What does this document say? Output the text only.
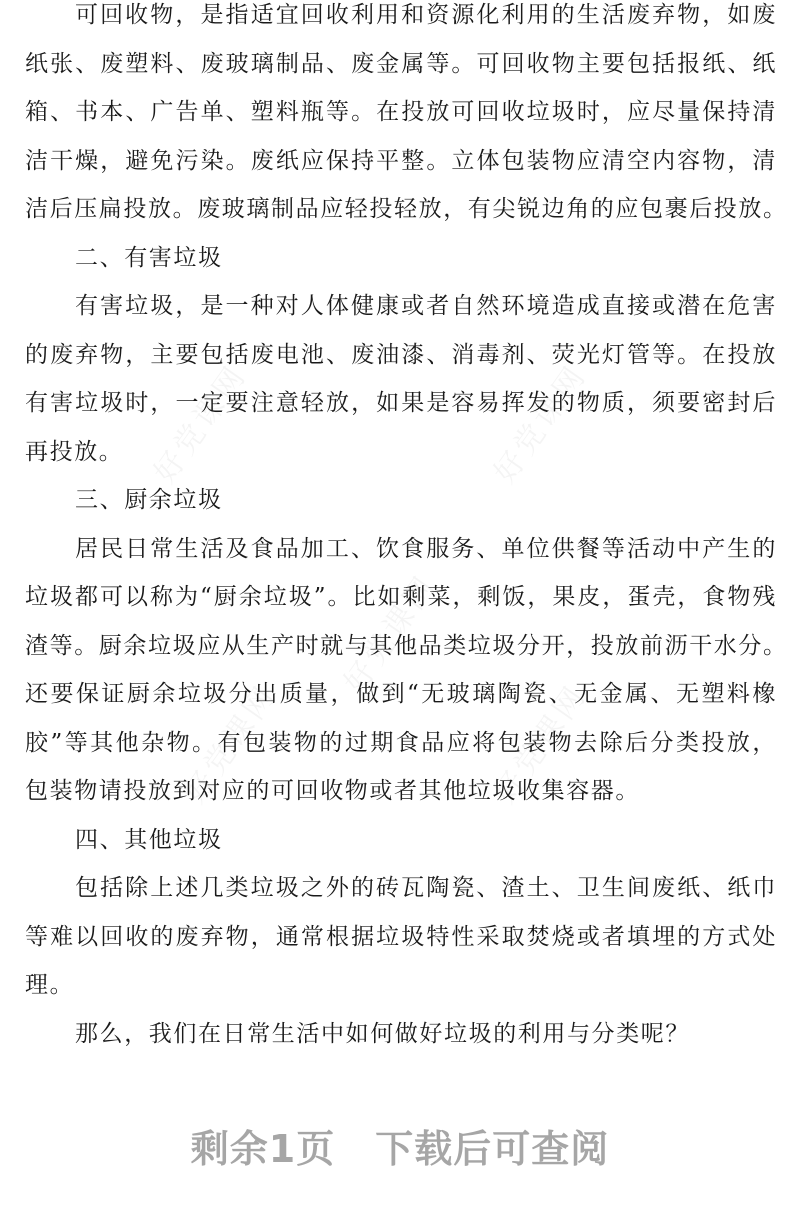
可回收物，是指适宜回收利用和资源化利用的生活废弃物，如废
纸张、废塑料、废玻璃制品、废金属等。可回收物主要包括报纸、纸
箱、书本、广告单、塑料瓶等。在投放可回收垃圾时，应尽量保持清
洁干燥，避免污染。废纸应保持平整。立体包装物应清空内容物，清
洁后压扁投放。废玻璃制品应轻投轻放，有尖锐边角的应包裹后投放。
二、有害垃圾
有害垃圾，是一种对人体健康或者自然环境造成直接或潜在危害
的废弃物，主要包括废电池、废油漆、消毒剂、荧光灯管等。在投放
有害垃圾时，一定要注意轻放，如果是容易挥发的物质，须要密封后
再投放。
三、厨余垃圾
居民日常生活及食品加工、饮食服务、单位供餐等活动中产生的
垃圾都可以称为“厨余垃圾”。比如剩菜，剩饭，果皮，蛋壳，食物残
渣等。厨余垃圾应从生产时就与其他品类垃圾分开，投放前沥干水分。
还要保证厨余垃圾分出质量，做到“无玻璃陶瓷、无金属、无塑料橡
胶”等其他杂物。有包装物的过期食品应将包装物去除后分类投放，
包装物请投放到对应的可回收物或者其他垃圾收集容器。
四、其他垃圾
包括除上述几类垃圾之外的砖瓦陶瓷、渣土、卫生间废纸、纸巾
等难以回收的废弃物，通常根据垃圾特性采取焚烧或者填埋的方式处
理。
那么，我们在日常生活中如何做好垃圾的利用与分类呢？
剩余1页 下载后可查阅
